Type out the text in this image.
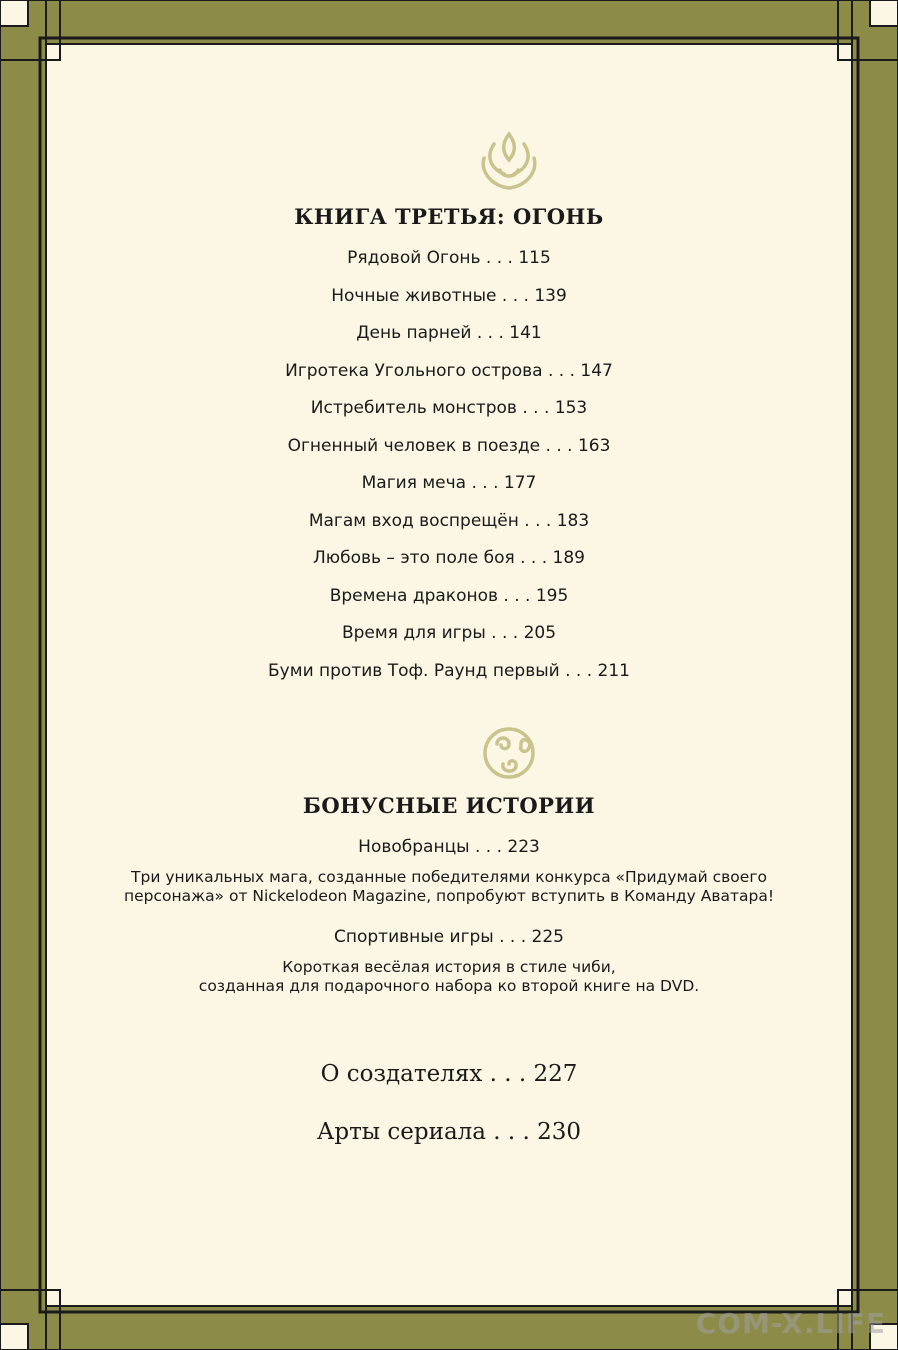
КНИГА ТРЕТЬЯ: ОГОНЬ
Рядовой Огонь . . . 115
Ночные животные . . . 139
День парней . . . 141
Игротека Угольного острова . . . 147
Истребитель монстров . . . 153
Огненный человек в поезде . . . 163
Магия меча . . . 177
Магам вход воспрещён . . . 183
Любовь – это поле боя . . . 189
Времена драконов . . . 195
Время для игры . . . 205
Буми против Тоф. Раунд первый . . . 211
БОНУСНЫЕ ИСТОРИИ
Новобранцы . . . 223
Три уникальных мага, созданные победителями конкурса «Придумай своего
персонажа» от Nickelodeon Magazine, попробуют вступить в Команду Аватара!
Спортивные игры . . . 225
Короткая весёлая история в стиле чиби,
созданная для подарочного набора ко второй книге на DVD.
О создателях . . . 227
Арты сериала . . . 230
COM-X.LIFE
